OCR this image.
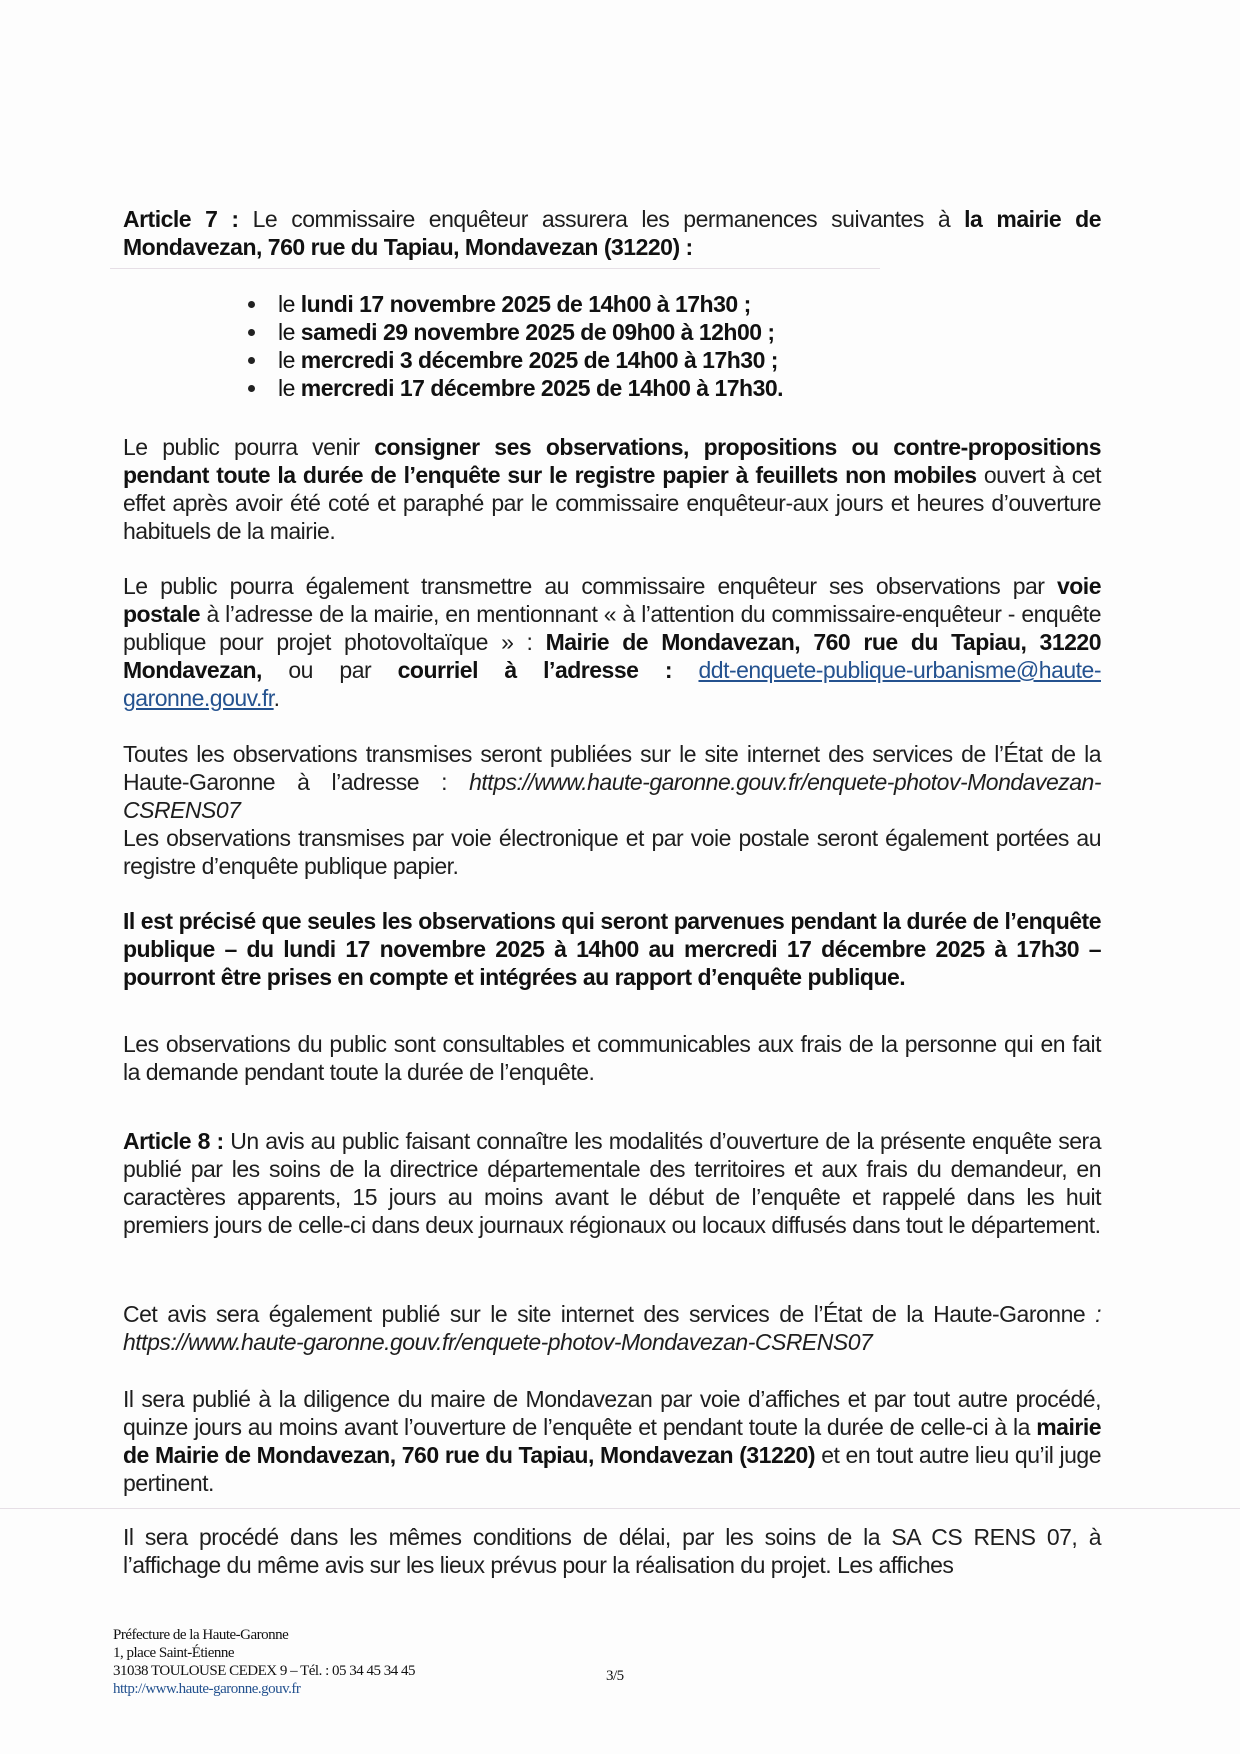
Article 7 : Le commissaire enquêteur assurera les permanences suivantes à la mairie de Mondavezan, 760 rue du Tapiau, Mondavezan (31220) :

le lundi 17 novembre 2025 de 14h00 à 17h30 ;
le samedi 29 novembre 2025 de 09h00 à 12h00 ;
le mercredi 3 décembre 2025 de 14h00 à 17h30 ;
le mercredi 17 décembre 2025 de 14h00 à 17h30.

Le public pourra venir consigner ses observations, propositions ou contre-propositions pendant toute la durée de l’enquête sur le registre papier à feuillets non mobiles ouvert à cet effet après avoir été coté et paraphé par le commissaire enquêteur-aux jours et heures d’ouverture habituels de la mairie.

Le public pourra également transmettre au commissaire enquêteur ses observations par voie postale à l’adresse de la mairie, en mentionnant « à l’attention du commissaire-enquêteur - enquête publique pour projet photovoltaïque » : Mairie de Mondavezan, 760 rue du Tapiau, 31220 Mondavezan, ou par courriel à l’adresse : ddt-enquete-publique-urbanisme@haute-garonne.gouv.fr.

Toutes les observations transmises seront publiées sur le site internet des services de l’État de la Haute-Garonne à l’adresse : https://www.haute-garonne.gouv.fr/enquete-photov-Mondavezan-CSRENS07
Les observations transmises par voie électronique et par voie postale seront également portées au registre d’enquête publique papier.

Il est précisé que seules les observations qui seront parvenues pendant la durée de l’enquête publique – du lundi 17 novembre 2025 à 14h00 au mercredi 17 décembre 2025 à 17h30 – pourront être prises en compte et intégrées au rapport d’enquête publique.

Les observations du public sont consultables et communicables aux frais de la personne qui en fait la demande pendant toute la durée de l’enquête.

Article 8 : Un avis au public faisant connaître les modalités d’ouverture de la présente enquête sera publié par les soins de la directrice départementale des territoires et aux frais du demandeur, en caractères apparents, 15 jours au moins avant le début de l’enquête et rappelé dans les huit premiers jours de celle-ci dans deux journaux régionaux ou locaux diffusés dans tout le département.

Cet avis sera également publié sur le site internet des services de l’État de la Haute-Garonne : https://www.haute-garonne.gouv.fr/enquete-photov-Mondavezan-CSRENS07

Il sera publié à la diligence du maire de Mondavezan par voie d’affiches et par tout autre procédé, quinze jours au moins avant l’ouverture de l’enquête et pendant toute la durée de celle-ci à la mairie de Mairie de Mondavezan, 760 rue du Tapiau, Mondavezan (31220) et en tout autre lieu qu’il juge pertinent.

Il sera procédé dans les mêmes conditions de délai, par les soins de la SA CS RENS 07, à l’affichage du même avis sur les lieux prévus pour la réalisation du projet. Les affiches

Préfecture de la Haute-Garonne
1, place Saint-Étienne
31038 TOULOUSE CEDEX 9 – Tél. : 05 34 45 34 45
http://www.haute-garonne.gouv.fr
3/5
